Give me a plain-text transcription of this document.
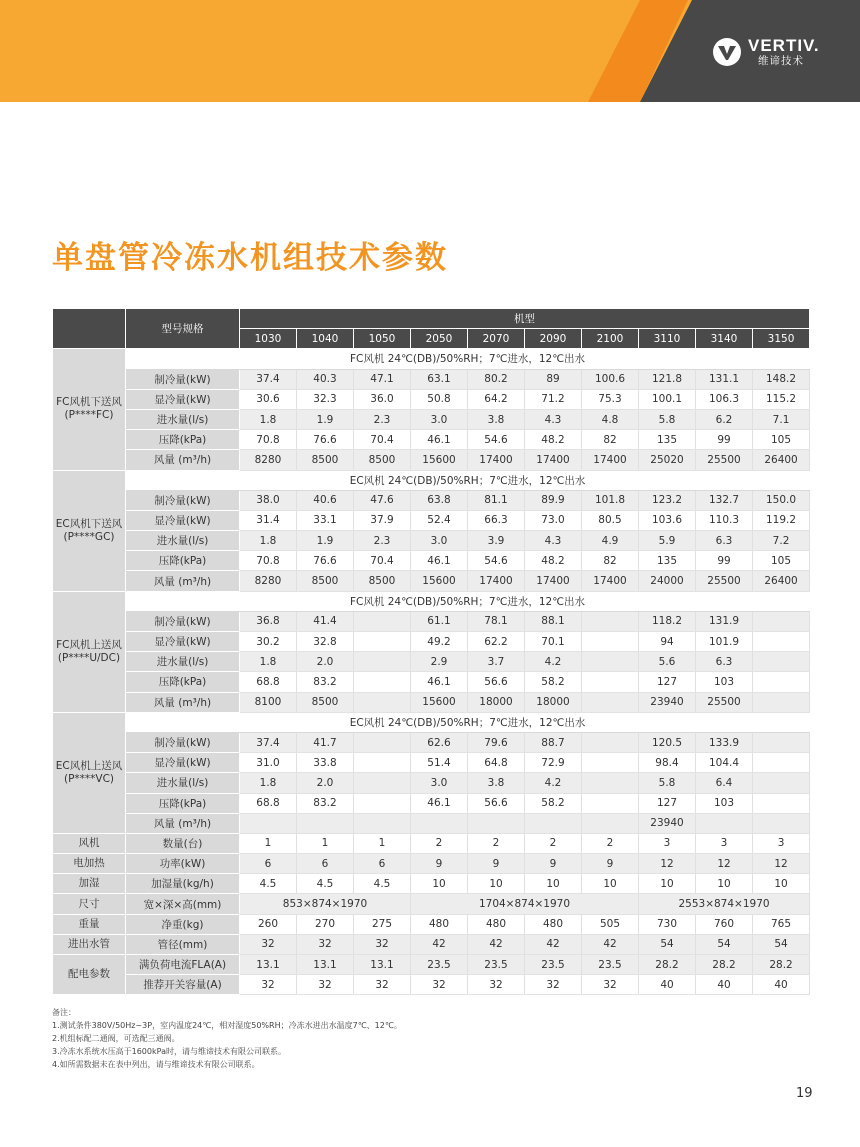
VERTIV.
维谛技术
单盘管冷冻水机组技术参数
	型号规格	机型									
		1030	1040	1050	2050	2070	2090	2100	3110	3140	3150
FC风机下送风(P****FC)	FC风机 24℃(DB)/50%RH；7℃进水，12℃出水										
	制冷量(kW)	37.4	40.3	47.1	63.1	80.2	89	100.6	121.8	131.1	148.2
	显冷量(kW)	30.6	32.3	36.0	50.8	64.2	71.2	75.3	100.1	106.3	115.2
	进水量(l/s)	1.8	1.9	2.3	3.0	3.8	4.3	4.8	5.8	6.2	7.1
	压降(kPa)	70.8	76.6	70.4	46.1	54.6	48.2	82	135	99	105
	风量 (m³/h)	8280	8500	8500	15600	17400	17400	17400	25020	25500	26400
EC风机下送风(P****GC)	EC风机 24℃(DB)/50%RH；7℃进水，12℃出水										
	制冷量(kW)	38.0	40.6	47.6	63.8	81.1	89.9	101.8	123.2	132.7	150.0
	显冷量(kW)	31.4	33.1	37.9	52.4	66.3	73.0	80.5	103.6	110.3	119.2
	进水量(l/s)	1.8	1.9	2.3	3.0	3.9	4.3	4.9	5.9	6.3	7.2
	压降(kPa)	70.8	76.6	70.4	46.1	54.6	48.2	82	135	99	105
	风量 (m³/h)	8280	8500	8500	15600	17400	17400	17400	24000	25500	26400
FC风机上送风(P****U/DC)	FC风机 24℃(DB)/50%RH；7℃进水，12℃出水										
	制冷量(kW)	36.8	41.4		61.1	78.1	88.1		118.2	131.9	
	显冷量(kW)	30.2	32.8		49.2	62.2	70.1		94	101.9	
	进水量(l/s)	1.8	2.0		2.9	3.7	4.2		5.6	6.3	
	压降(kPa)	68.8	83.2		46.1	56.6	58.2		127	103	
	风量 (m³/h)	8100	8500		15600	18000	18000		23940	25500	
EC风机上送风(P****VC)	EC风机 24℃(DB)/50%RH；7℃进水，12℃出水										
	制冷量(kW)	37.4	41.7		62.6	79.6	88.7		120.5	133.9	
	显冷量(kW)	31.0	33.8		51.4	64.8	72.9		98.4	104.4	
	进水量(l/s)	1.8	2.0		3.0	3.8	4.2		5.8	6.4	
	压降(kPa)	68.8	83.2		46.1	56.6	58.2		127	103	
	风量 (m³/h)								23940		
风机	数量(台)	1	1	1	2	2	2	2	3	3	3
电加热	功率(kW)	6	6	6	9	9	9	9	12	12	12
加湿	加湿量(kg/h)	4.5	4.5	4.5	10	10	10	10	10	10	10
尺寸	宽×深×高(mm)	853×874×1970			1704×874×1970				2553×874×1970		
重量	净重(kg)	260	270	275	480	480	480	505	730	760	765
进出水管	管径(mm)	32	32	32	42	42	42	42	54	54	54
配电参数	满负荷电流FLA(A)	13.1	13.1	13.1	23.5	23.5	23.5	23.5	28.2	28.2	28.2
	推荐开关容量(A)	32	32	32	32	32	32	32	40	40	40
备注：
1.测试条件380V/50Hz~3P，室内温度24℃，相对湿度50%RH；冷冻水进出水温度7℃、12℃。
2.机组标配二通阀，可选配三通阀。
3.冷冻水系统水压高于1600kPa时，请与维谛技术有限公司联系。
4.如所需数据未在表中列出，请与维谛技术有限公司联系。
19
